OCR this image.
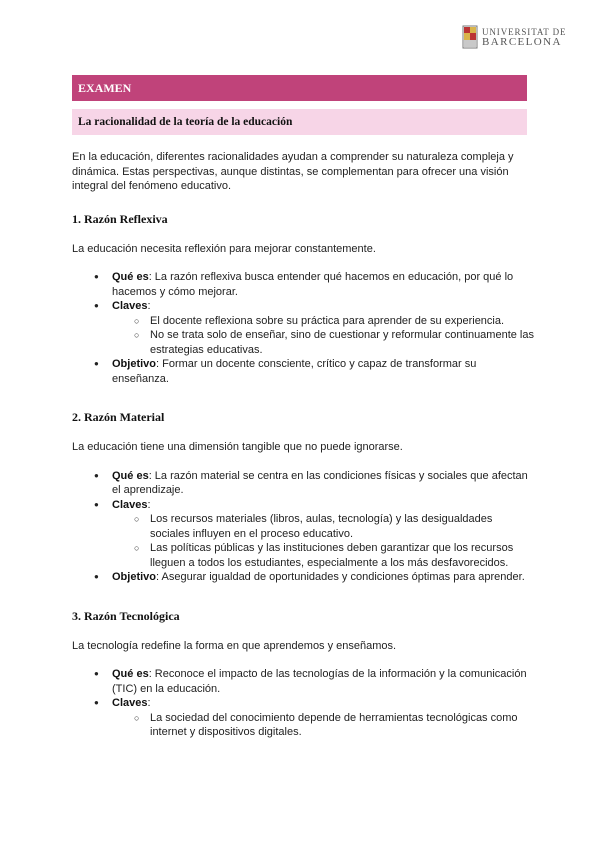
UNIVERSITAT DE
BARCELONA
EXAMEN
La racionalidad de la teoría de la educación

En la educación, diferentes racionalidades ayudan a comprender su naturaleza compleja y dinámica. Estas perspectivas, aunque distintas, se complementan para ofrecer una visión integral del fenómeno educativo.

1. Razón Reflexiva

La educación necesita reflexión para mejorar constantemente.

● Qué es: La razón reflexiva busca entender qué hacemos en educación, por qué lo hacemos y cómo mejorar.
● Claves:
○ El docente reflexiona sobre su práctica para aprender de su experiencia.
○ No se trata solo de enseñar, sino de cuestionar y reformular continuamente las estrategias educativas.
● Objetivo: Formar un docente consciente, crítico y capaz de transformar su enseñanza.
2. Razón Material

La educación tiene una dimensión tangible que no puede ignorarse.

● Qué es: La razón material se centra en las condiciones físicas y sociales que afectan el aprendizaje.
● Claves:
○ Los recursos materiales (libros, aulas, tecnología) y las desigualdades sociales influyen en el proceso educativo.
○ Las políticas públicas y las instituciones deben garantizar que los recursos lleguen a todos los estudiantes, especialmente a los más desfavorecidos.
● Objetivo: Asegurar igualdad de oportunidades y condiciones óptimas para aprender.
3. Razón Tecnológica

La tecnología redefine la forma en que aprendemos y enseñamos.

● Qué es: Reconoce el impacto de las tecnologías de la información y la comunicación (TIC) en la educación.
● Claves:
○ La sociedad del conocimiento depende de herramientas tecnológicas como internet y dispositivos digitales.
